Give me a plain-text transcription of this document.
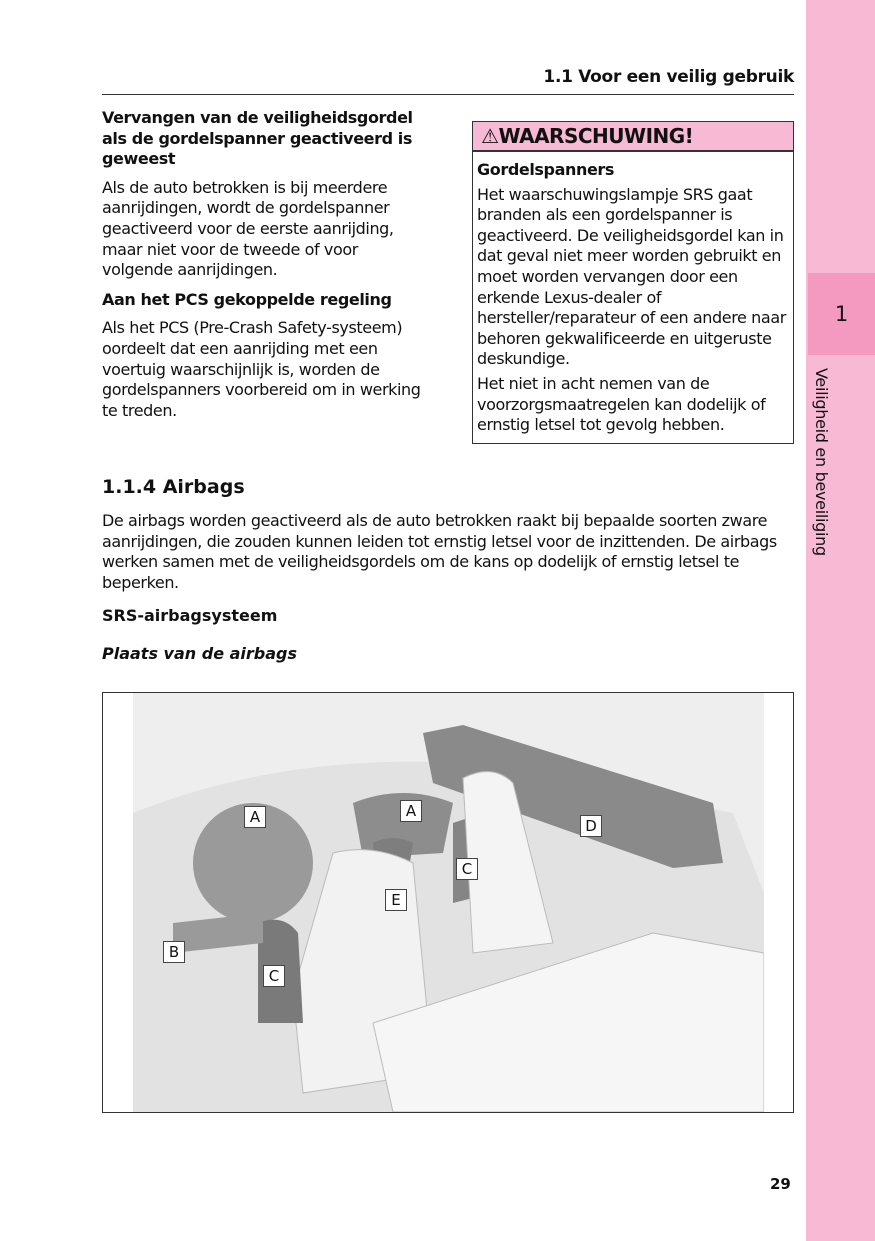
1
Veiligheid en beveiliging
1.1 Voor een veilig gebruik
Vervangen van de veiligheidsgordel als de gordelspanner geactiveerd is geweest

Als de auto betrokken is bij meerdere aanrijdingen, wordt de gordelspanner geactiveerd voor de eerste aanrijding, maar niet voor de tweede of voor volgende aanrijdingen.

Aan het PCS gekoppelde regeling

Als het PCS (Pre-Crash Safety-systeem) oordeelt dat een aanrijding met een voertuig waarschijnlijk is, worden de gordelspanners voorbereid om in werking te treden.

⚠WAARSCHUWING!
Gordelspanners

Het waarschuwingslampje SRS gaat branden als een gordelspanner is geactiveerd. De veiligheidsgordel kan in dat geval niet meer worden gebruikt en moet worden vervangen door een erkende Lexus-dealer of hersteller/reparateur of een andere naar behoren gekwalificeerde en uitgeruste deskundige.

Het niet in acht nemen van de voorzorgsmaatregelen kan dodelijk of ernstig letsel tot gevolg hebben.

1.1.4 Airbags
De airbags worden geactiveerd als de auto betrokken raakt bij bepaalde soorten zware aanrijdingen, die zouden kunnen leiden tot ernstig letsel voor de inzittenden. De airbags werken samen met de veiligheidsgordels om de kans op dodelijk of ernstig letsel te beperken.
SRS-airbagsysteem
Plaats van de airbags
A	A
B
C
C
D
E
29
